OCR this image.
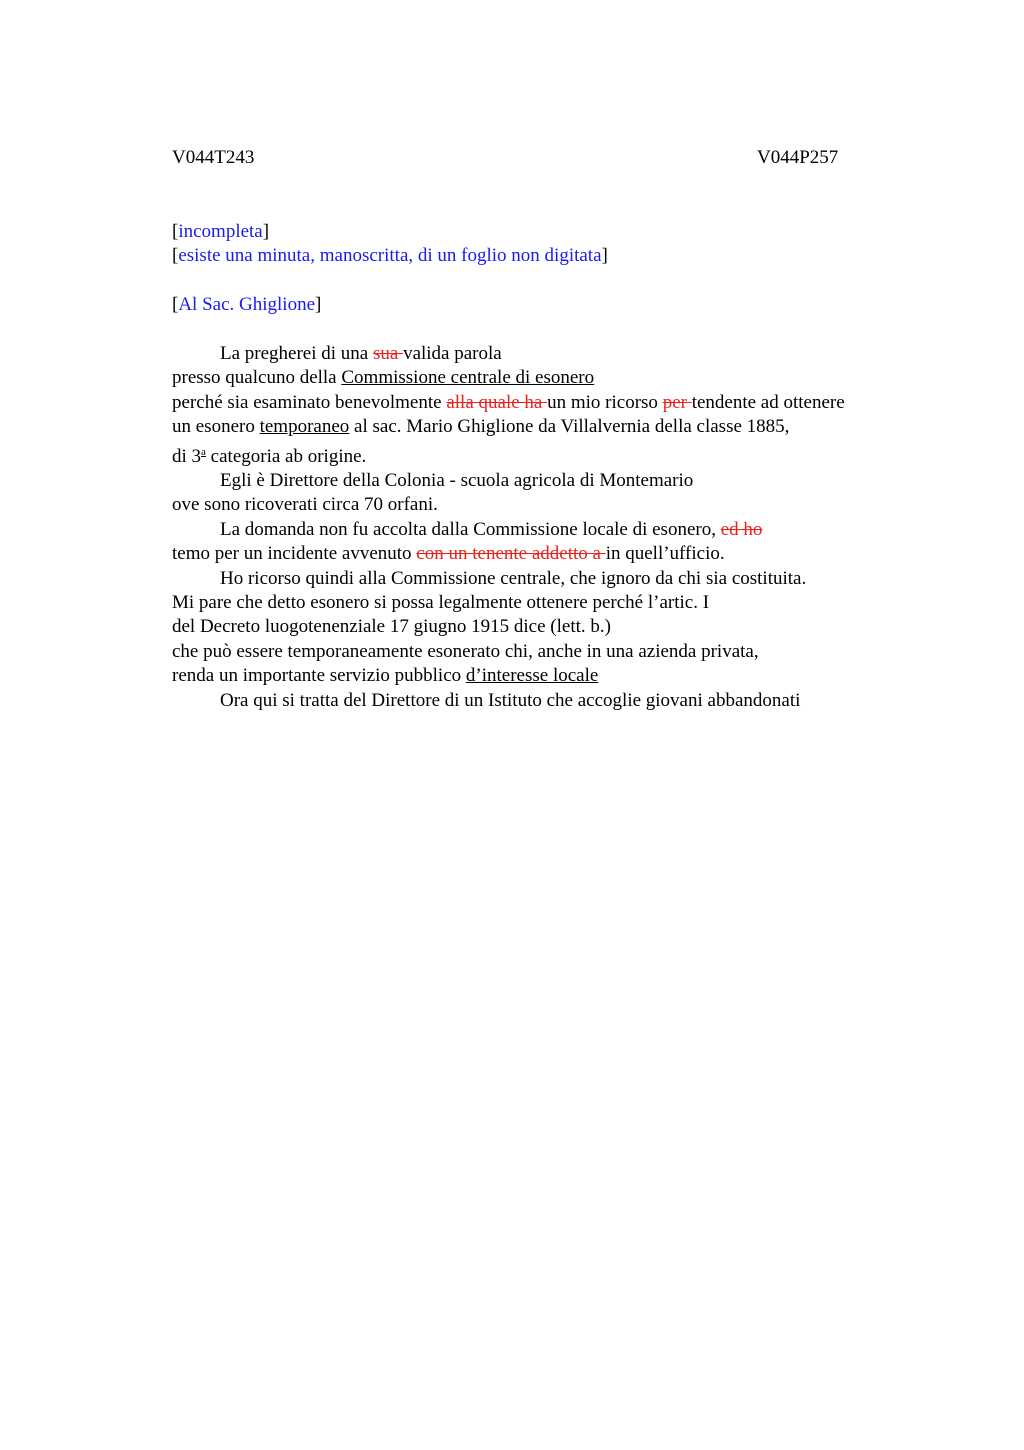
V044T243	V044P257
[incompleta]
[esiste una minuta, manoscritta, di un foglio non digitata]
[Al Sac. Ghiglione]
La pregherei di una sua valida parola
presso qualcuno della Commissione centrale di esonero
perché sia esaminato benevolmente alla quale ha un mio ricorso per tendente ad ottenere
un esonero temporaneo al sac. Mario Ghiglione da Villalvernia della classe 1885,
di 3$^a$ categoria ab origine.
Egli è Direttore della Colonia - scuola agricola di Montemario
ove sono ricoverati circa 70 orfani.
La domanda non fu accolta dalla Commissione locale di esonero, ed ho
temo per un incidente avvenuto con un tenente addetto a in quell’ufficio.
Ho ricorso quindi alla Commissione centrale, che ignoro da chi sia costituita.
Mi pare che detto esonero si possa legalmente ottenere perché l’artic. I
del Decreto luogotenenziale 17 giugno 1915 dice (lett. b.)
che può essere temporaneamente esonerato chi, anche in una azienda privata,
renda un importante servizio pubblico d’interesse locale
Ora qui si tratta del Direttore di un Istituto che accoglie giovani abbandonati
